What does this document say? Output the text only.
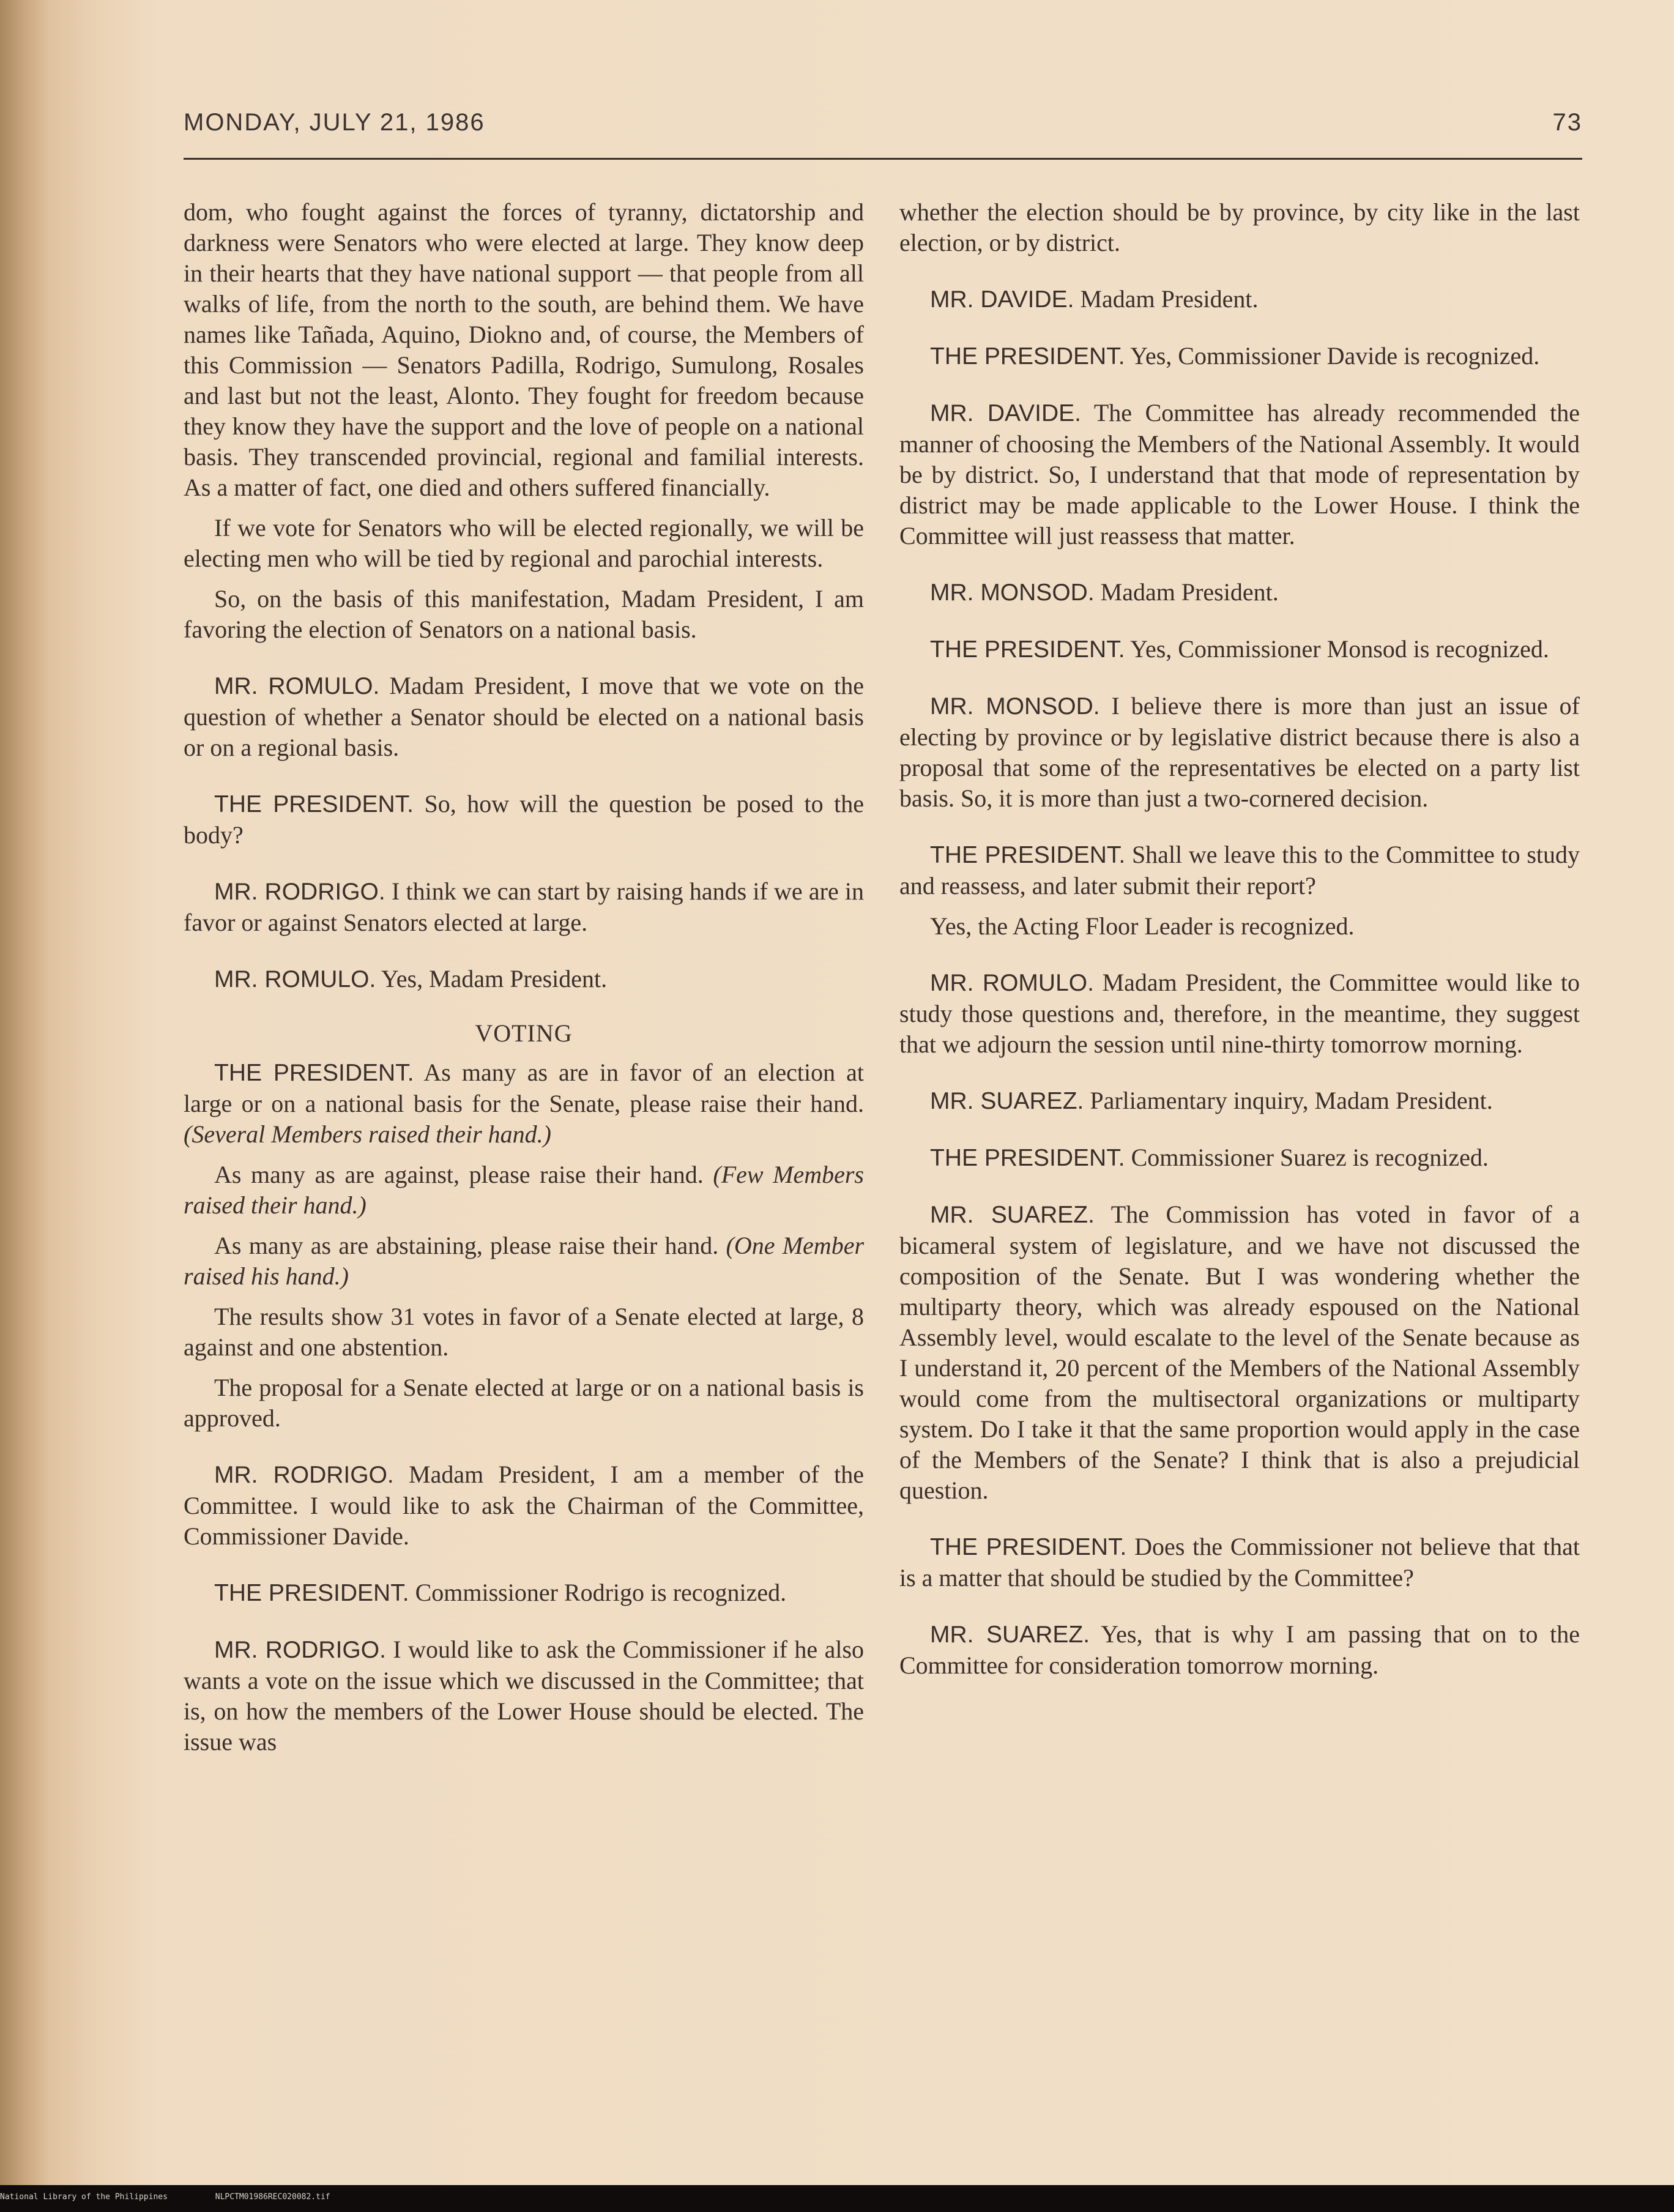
MONDAY, JULY 21, 1986	73

dom, who fought against the forces of tyranny, dictatorship and darkness were Senators who were elected at large. They know deep in their hearts that they have national support — that people from all walks of life, from the north to the south, are behind them. We have names like Tañada, Aquino, Diokno and, of course, the Members of this Commission — Senators Padilla, Rodrigo, Sumulong, Rosales and last but not the least, Alonto. They fought for freedom because they know they have the support and the love of people on a national basis. They transcended provincial, regional and familial interests. As a matter of fact, one died and others suffered financially.

If we vote for Senators who will be elected regionally, we will be electing men who will be tied by regional and parochial interests.

So, on the basis of this manifestation, Madam President, I am favoring the election of Senators on a national basis.

MR. ROMULO. Madam President, I move that we vote on the question of whether a Senator should be elected on a national basis or on a regional basis.

THE PRESIDENT. So, how will the question be posed to the body?

MR. RODRIGO. I think we can start by raising hands if we are in favor or against Senators elected at large.

MR. ROMULO. Yes, Madam President.

VOTING

THE PRESIDENT. As many as are in favor of an election at large or on a national basis for the Senate, please raise their hand. (Several Members raised their hand.)

As many as are against, please raise their hand. (Few Members raised their hand.)

As many as are abstaining, please raise their hand. (One Member raised his hand.)

The results show 31 votes in favor of a Senate elected at large, 8 against and one abstention.

The proposal for a Senate elected at large or on a national basis is approved.

MR. RODRIGO. Madam President, I am a member of the Committee. I would like to ask the Chairman of the Committee, Commissioner Davide.

THE PRESIDENT. Commissioner Rodrigo is recognized.

MR. RODRIGO. I would like to ask the Commissioner if he also wants a vote on the issue which we discussed in the Committee; that is, on how the members of the Lower House should be elected. The issue was

whether the election should be by province, by city like in the last election, or by district.

MR. DAVIDE. Madam President.

THE PRESIDENT. Yes, Commissioner Davide is recognized.

MR. DAVIDE. The Committee has already recommended the manner of choosing the Members of the National Assembly. It would be by district. So, I understand that that mode of representation by district may be made applicable to the Lower House. I think the Committee will just reassess that matter.

MR. MONSOD. Madam President.

THE PRESIDENT. Yes, Commissioner Monsod is recognized.

MR. MONSOD. I believe there is more than just an issue of electing by province or by legislative district because there is also a proposal that some of the representatives be elected on a party list basis. So, it is more than just a two-cornered decision.

THE PRESIDENT. Shall we leave this to the Committee to study and reassess, and later submit their report?

Yes, the Acting Floor Leader is recognized.

MR. ROMULO. Madam President, the Committee would like to study those questions and, therefore, in the meantime, they suggest that we adjourn the session until nine-thirty tomorrow morning.

MR. SUAREZ. Parliamentary inquiry, Madam President.

THE PRESIDENT. Commissioner Suarez is recognized.

MR. SUAREZ. The Commission has voted in favor of a bicameral system of legislature, and we have not discussed the composition of the Senate. But I was wondering whether the multiparty theory, which was already espoused on the National Assembly level, would escalate to the level of the Senate because as I understand it, 20 percent of the Members of the National Assembly would come from the multisectoral organizations or multiparty system. Do I take it that the same proportion would apply in the case of the Members of the Senate? I think that is also a prejudicial question.

THE PRESIDENT. Does the Commissioner not believe that that is a matter that should be studied by the Committee?

MR. SUAREZ. Yes, that is why I am passing that on to the Committee for consideration tomorrow morning.

National Library of the Philippines	NLPCTM01986REC020082.tif
